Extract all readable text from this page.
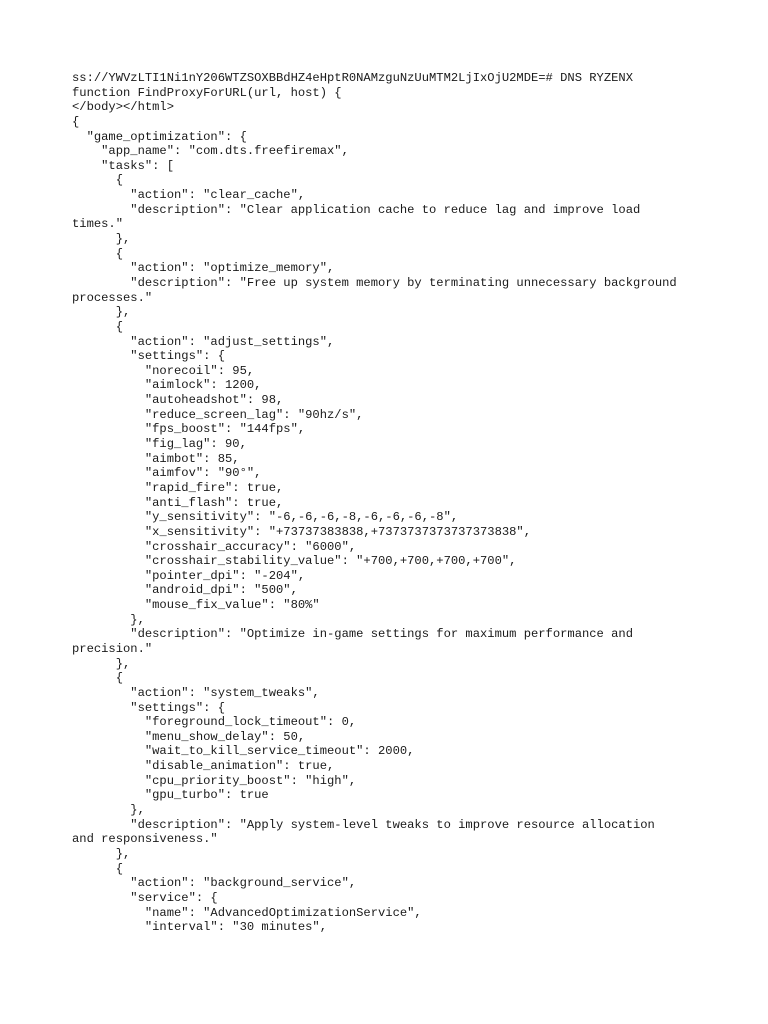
ss://YWVzLTI1Ni1nY206WTZSOXBBdHZ4eHptR0NAMzguNzUuMTM2LjIxOjU2MDE=# DNS RYZENX
function FindProxyForURL(url, host) {
</body></html>
{
"game_optimization": {
"app_name": "com.dts.freefiremax",
"tasks": [
{
"action": "clear_cache",
"description": "Clear application cache to reduce lag and improve load
times."
},
{
"action": "optimize_memory",
"description": "Free up system memory by terminating unnecessary background
processes."
},
{
"action": "adjust_settings",
"settings": {
"norecoil": 95,
"aimlock": 1200,
"autoheadshot": 98,
"reduce_screen_lag": "90hz/s",
"fps_boost": "144fps",
"fig_lag": 90,
"aimbot": 85,
"aimfov": "90°",
"rapid_fire": true,
"anti_flash": true,
"y_sensitivity": "-6,-6,-6,-8,-6,-6,-6,-8",
"x_sensitivity": "+73737383838,+7373737373737373838",
"crosshair_accuracy": "6000",
"crosshair_stability_value": "+700,+700,+700,+700",
"pointer_dpi": "-204",
"android_dpi": "500",
"mouse_fix_value": "80%"
},
"description": "Optimize in-game settings for maximum performance and
precision."
},
{
"action": "system_tweaks",
"settings": {
"foreground_lock_timeout": 0,
"menu_show_delay": 50,
"wait_to_kill_service_timeout": 2000,
"disable_animation": true,
"cpu_priority_boost": "high",
"gpu_turbo": true
},
"description": "Apply system-level tweaks to improve resource allocation
and responsiveness."
},
{
"action": "background_service",
"service": {
"name": "AdvancedOptimizationService",
"interval": "30 minutes",
